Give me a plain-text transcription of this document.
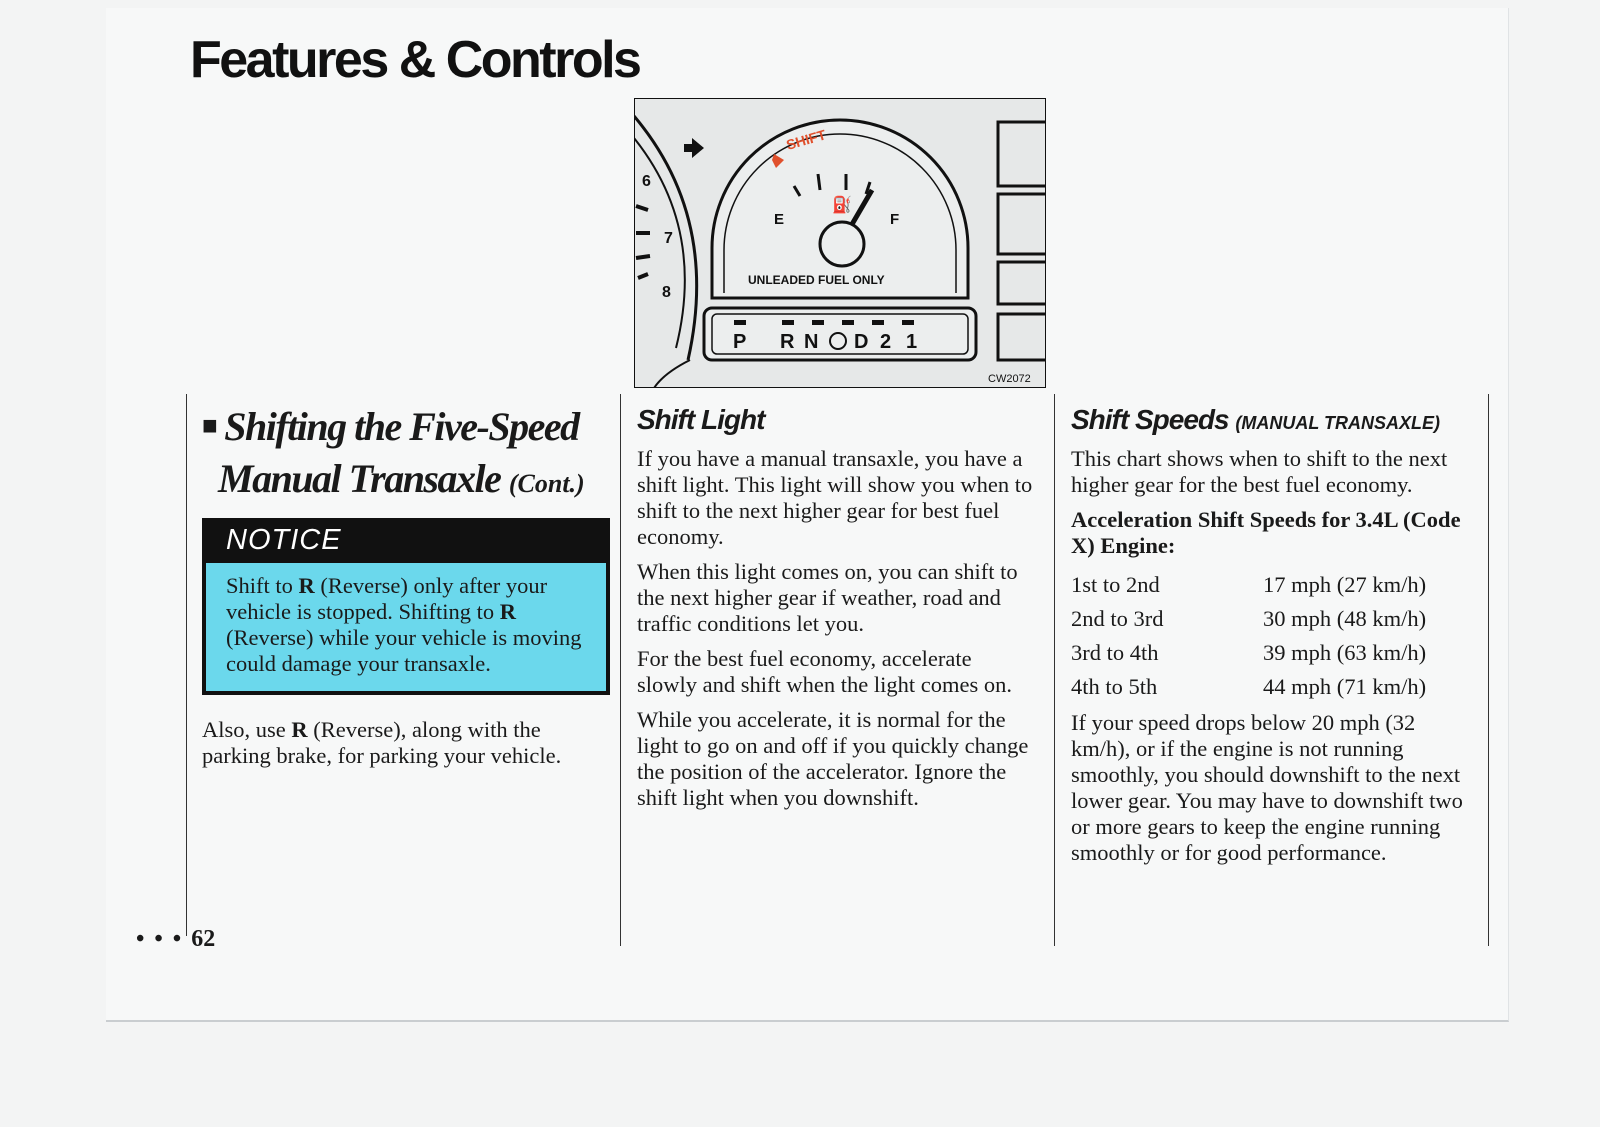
Features & Controls
6
7
8
SHIFT
⛽
E	F
UNLEADED FUEL ONLY
P R N D 2 1
CW2072
■ Shifting the Five-Speed
Manual Transaxle (Cont.)
NOTICE
Shift to R (Reverse) only after your vehicle is stopped. Shifting to R (Reverse) while your vehicle is moving could damage your transaxle.

Also, use R (Reverse), along with the parking brake, for parking your vehicle.

Shift Light

If you have a manual transaxle, you have a shift light. This light will show you when to shift to the next higher gear for best fuel economy.

When this light comes on, you can shift to the next higher gear if weather, road and traffic conditions let you.

For the best fuel economy, accelerate slowly and shift when the light comes on.

While you accelerate, it is normal for the light to go on and off if you quickly change the position of the accelerator. Ignore the shift light when you downshift.

Shift Speeds (MANUAL TRANSAXLE)

This chart shows when to shift to the next higher gear for the best fuel economy.

Acceleration Shift Speeds for 3.4L (Code X) Engine:

1st to 2nd	17 mph (27 km/h)
2nd to 3rd	30 mph (48 km/h)
3rd to 4th	39 mph (63 km/h)
4th to 5th	44 mph (71 km/h)

If your speed drops below 20 mph (32 km/h), or if the engine is not running smoothly, you should downshift to the next lower gear. You may have to downshift two or more gears to keep the engine running smoothly or for good performance.

• • • 62
